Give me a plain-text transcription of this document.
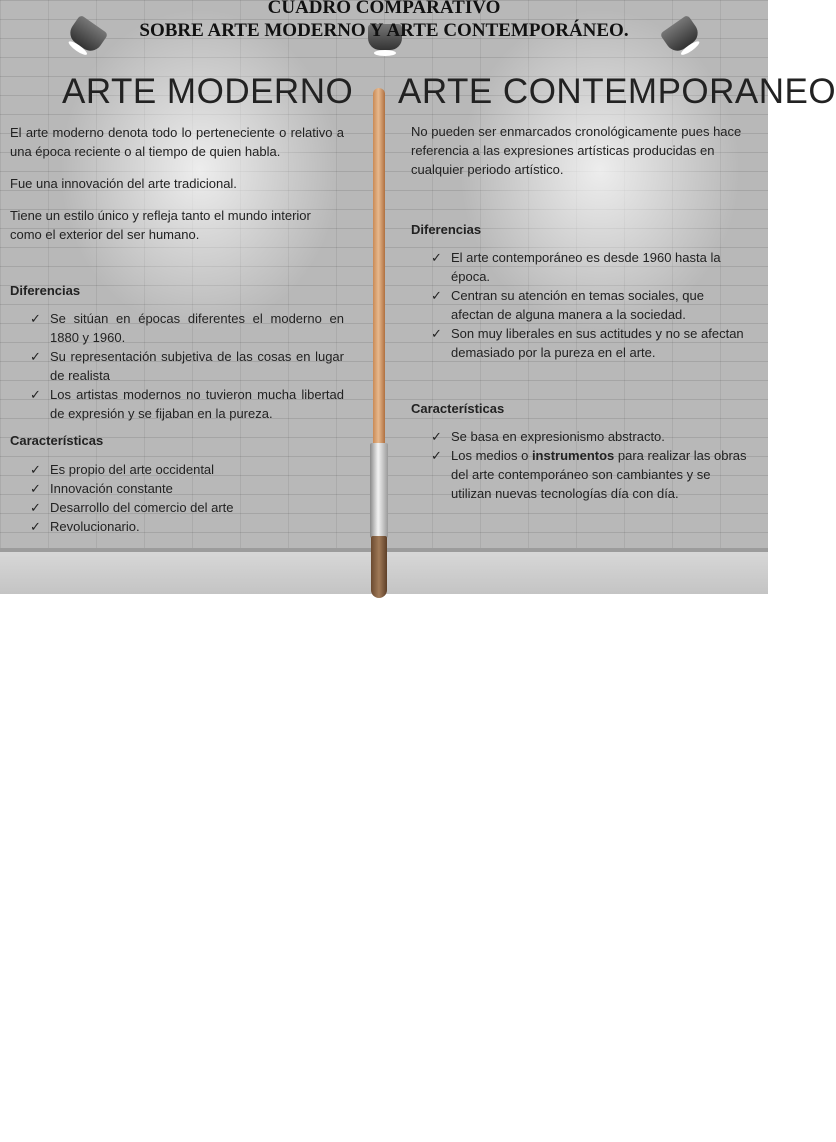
CUADRO COMPARATIVO
SOBRE ARTE MODERNO Y ARTE CONTEMPORÁNEO.
ARTE MODERNO ARTE CONTEMPORANEO

El arte moderno denota todo lo perteneciente o relativo a una época reciente o al tiempo de quien habla.

Fue una innovación del arte tradicional.

Tiene un estilo único y refleja tanto el mundo interior como el exterior del ser humano.

Diferencias

✓ Se sitúan en épocas diferentes el moderno en 1880 y 1960.
✓ Su representación subjetiva de las cosas en lugar de realista
✓ Los artistas modernos no tuvieron mucha libertad de expresión y se fijaban en la pureza.

Características

✓ Es propio del arte occidental
✓ Innovación constante
✓ Desarrollo del comercio del arte
✓ Revolucionario.

No pueden ser enmarcados cronológicamente pues hace referencia a las expresiones artísticas producidas en cualquier periodo artístico.

Diferencias

✓ El arte contemporáneo es desde 1960 hasta la época.
✓ Centran su atención en temas sociales, que afectan de alguna manera a la sociedad.
✓ Son muy liberales en sus actitudes y no se afectan demasiado por la pureza en el arte.

Características

✓ Se basa en expresionismo abstracto.
✓ Los medios o instrumentos para realizar las obras del arte contemporáneo son cambiantes y se utilizan nuevas tecnologías día con día.
